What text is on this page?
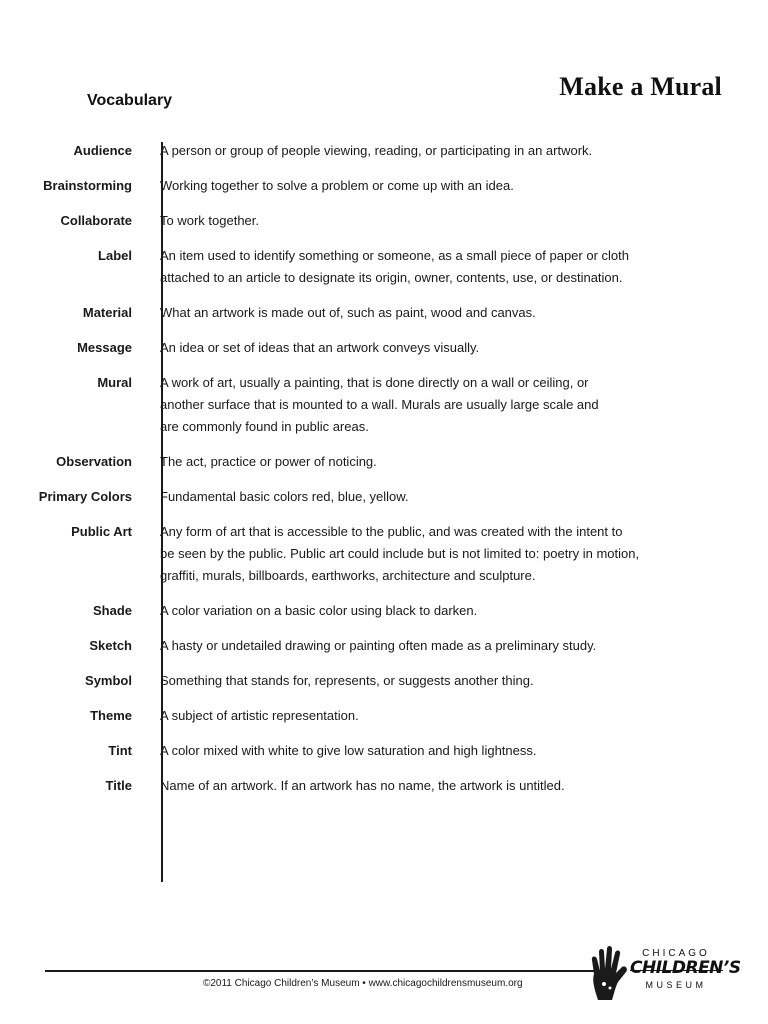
Make a Mural
Vocabulary
Audience	A person or group of people viewing, reading, or participating in an artwork.
Brainstorming	Working together to solve a problem or come up with an idea.
Collaborate	To work together.
Label	An item used to identify something or someone, as a small piece of paper or cloth
attached to an article to designate its origin, owner, contents, use, or destination.
Material	What an artwork is made out of, such as paint, wood and canvas.
Message	An idea or set of ideas that an artwork conveys visually.
Mural	A work of art, usually a painting, that is done directly on a wall or ceiling, or
another surface that is mounted to a wall. Murals are usually large scale and
are commonly found in public areas.
Observation	The act, practice or power of noticing.
Primary Colors	Fundamental basic colors red, blue, yellow.
Public Art	Any form of art that is accessible to the public, and was created with the intent to
be seen by the public. Public art could include but is not limited to: poetry in motion,
graffiti, murals, billboards, earthworks, architecture and sculpture.
Shade	A color variation on a basic color using black to darken.
Sketch	A hasty or undetailed drawing or painting often made as a preliminary study.
Symbol	Something that stands for, represents, or suggests another thing.
Theme	A subject of artistic representation.
Tint	A color mixed with white to give low saturation and high lightness.
Title	Name of an artwork. If an artwork has no name, the artwork is untitled.
©2011 Chicago Children’s Museum • www.chicagochildrensmuseum.org
CHICAGO
CHILDREN’S
MUSEUM
